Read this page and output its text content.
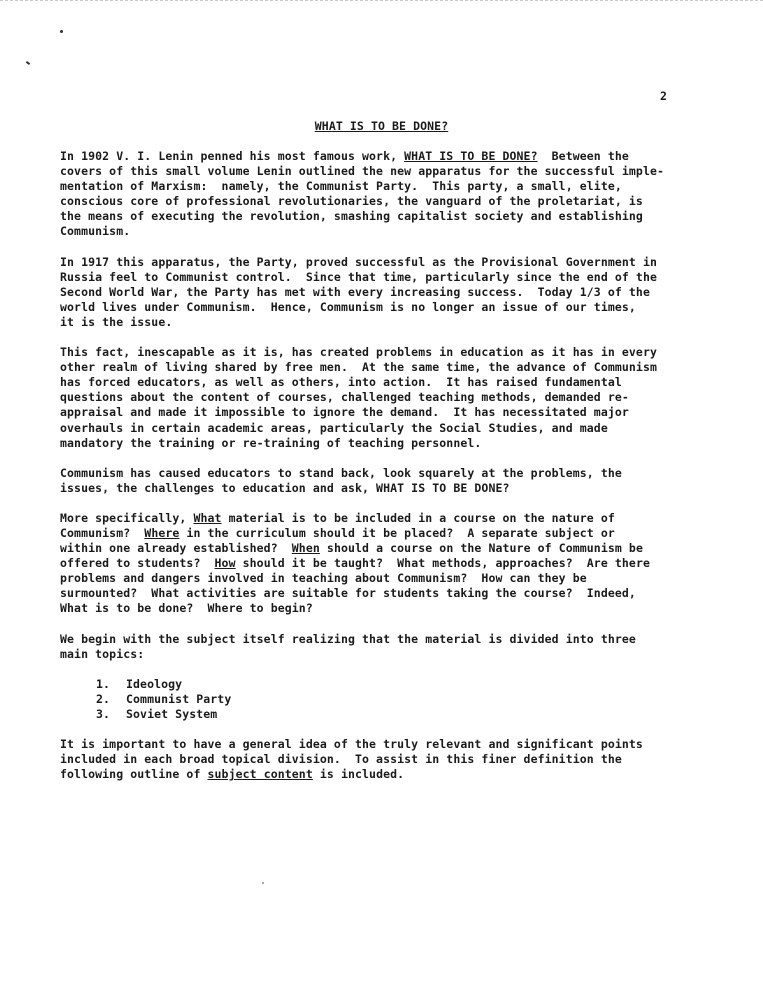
2
WHAT IS TO BE DONE?

In 1902 V. I. Lenin penned his most famous work, WHAT IS TO BE DONE?  Between the
covers of this small volume Lenin outlined the new apparatus for the successful imple-
mentation of Marxism:  namely, the Communist Party.  This party, a small, elite,
conscious core of professional revolutionaries, the vanguard of the proletariat, is
the means of executing the revolution, smashing capitalist society and establishing
Communism.

In 1917 this apparatus, the Party, proved successful as the Provisional Government in
Russia feel to Communist control.  Since that time, particularly since the end of the
Second World War, the Party has met with every increasing success.  Today 1/3 of the
world lives under Communism.  Hence, Communism is no longer an issue of our times,
it is the issue.

This fact, inescapable as it is, has created problems in education as it has in every
other realm of living shared by free men.  At the same time, the advance of Communism
has forced educators, as well as others, into action.  It has raised fundamental
questions about the content of courses, challenged teaching methods, demanded re-
appraisal and made it impossible to ignore the demand.  It has necessitated major
overhauls in certain academic areas, particularly the Social Studies, and made
mandatory the training or re-training of teaching personnel.

Communism has caused educators to stand back, look squarely at the problems, the
issues, the challenges to education and ask, WHAT IS TO BE DONE?

More specifically, What material is to be included in a course on the nature of
Communism?  Where in the curriculum should it be placed?  A separate subject or
within one already established?  When should a course on the Nature of Communism be
offered to students?  How should it be taught?  What methods, approaches?  Are there
problems and dangers involved in teaching about Communism?  How can they be
surmounted?  What activities are suitable for students taking the course?  Indeed,
What is to be done?  Where to begin?

We begin with the subject itself realizing that the material is divided into three
main topics:

1. Ideology
2. Communist Party
3. Soviet System

It is important to have a general idea of the truly relevant and significant points
included in each broad topical division.  To assist in this finer definition the
following outline of subject content is included.
